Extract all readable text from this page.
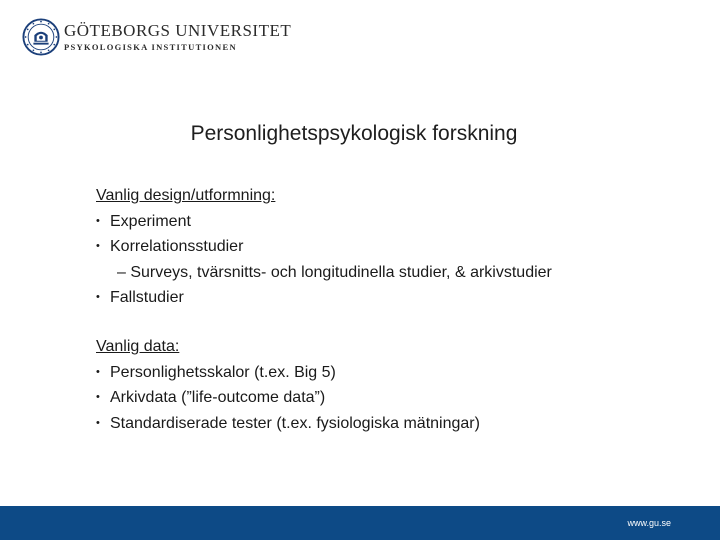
GÖTEBORGS UNIVERSITET
PSYKOLOGISKA INSTITUTIONEN
Personlighetspsykologisk forskning
Vanlig design/utformning:
• Experiment
• Korrelationsstudier
– Surveys, tvärsnitts- och longitudinella studier, & arkivstudier
• Fallstudier
Vanlig data:
• Personlighetsskalor (t.ex. Big 5)
• Arkivdata (”life-outcome data”)
• Standardiserade tester (t.ex. fysiologiska mätningar)
www.gu.se
